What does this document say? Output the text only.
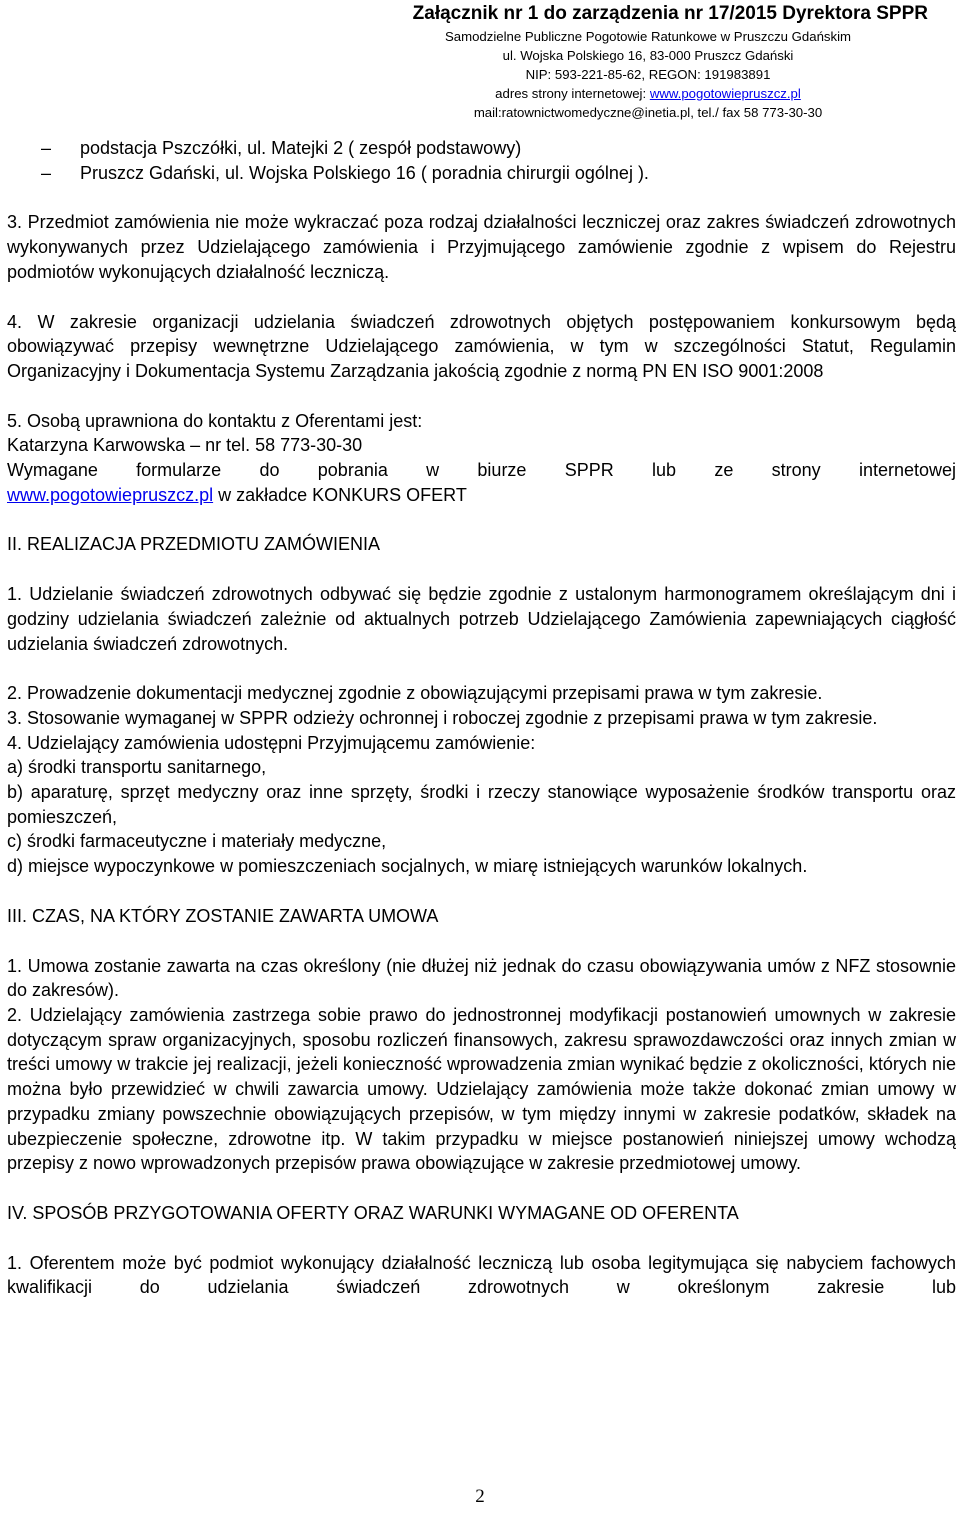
Załącznik nr 1 do zarządzenia nr 17/2015 Dyrektora SPPR
Samodzielne Publiczne Pogotowie Ratunkowe w Pruszczu Gdańskim
ul. Wojska Polskiego 16, 83-000 Pruszcz Gdański
NIP: 593-221-85-62, REGON: 191983891
adres strony internetowej: www.pogotowiepruszcz.pl
mail:ratownictwomedyczne@inetia.pl, tel./ fax 58 773-30-30
– podstacja Pszczółki, ul. Matejki 2 ( zespół podstawowy)
– Pruszcz Gdański, ul. Wojska Polskiego 16 ( poradnia chirurgii ogólnej ).
3. Przedmiot zamówienia nie może wykraczać poza rodzaj działalności leczniczej oraz zakres świadczeń zdrowotnych wykonywanych przez Udzielającego zamówienia i Przyjmującego zamówienie zgodnie z wpisem do Rejestru podmiotów wykonujących działalność leczniczą.
4. W zakresie organizacji udzielania świadczeń zdrowotnych objętych postępowaniem konkursowym będą obowiązywać przepisy wewnętrzne Udzielającego zamówienia, w tym w szczególności Statut, Regulamin Organizacyjny i Dokumentacja Systemu Zarządzania jakością zgodnie z normą PN EN ISO 9001:2008
5. Osobą uprawniona do kontaktu z Oferentami jest:
Katarzyna Karwowska – nr tel. 58 773-30-30
Wymagane formularze do pobrania w biurze SPPR lub ze strony internetowej
www.pogotowiepruszcz.pl w zakładce KONKURS OFERT
II. REALIZACJA PRZEDMIOTU ZAMÓWIENIA
1. Udzielanie świadczeń zdrowotnych odbywać się będzie zgodnie z ustalonym harmonogramem określającym dni i godziny udzielania świadczeń zależnie od aktualnych potrzeb Udzielającego Zamówienia zapewniających ciągłość udzielania świadczeń zdrowotnych.
2. Prowadzenie dokumentacji medycznej zgodnie z obowiązującymi przepisami prawa w tym zakresie.
3. Stosowanie wymaganej w SPPR odzieży ochronnej i roboczej zgodnie z przepisami prawa w tym zakresie.
4. Udzielający zamówienia udostępni Przyjmującemu zamówienie:
a) środki transportu sanitarnego,
b) aparaturę, sprzęt medyczny oraz inne sprzęty, środki i rzeczy stanowiące wyposażenie środków transportu oraz pomieszczeń,
c) środki farmaceutyczne i materiały medyczne,
d) miejsce wypoczynkowe w pomieszczeniach socjalnych, w miarę istniejących warunków lokalnych.
III. CZAS, NA KTÓRY ZOSTANIE ZAWARTA UMOWA
1. Umowa zostanie zawarta na czas określony (nie dłużej niż jednak do czasu obowiązywania umów z NFZ stosownie do zakresów).
2. Udzielający zamówienia zastrzega sobie prawo do jednostronnej modyfikacji postanowień umownych w zakresie dotyczącym spraw organizacyjnych, sposobu rozliczeń finansowych, zakresu sprawozdawczości oraz innych zmian w treści umowy w trakcie jej realizacji, jeżeli konieczność wprowadzenia zmian wynikać będzie z okoliczności, których nie można było przewidzieć w chwili zawarcia umowy. Udzielający zamówienia może także dokonać zmian umowy w przypadku zmiany powszechnie obowiązujących przepisów, w tym między innymi w zakresie podatków, składek na ubezpieczenie społeczne, zdrowotne itp. W takim przypadku w miejsce postanowień niniejszej umowy wchodzą przepisy z nowo wprowadzonych przepisów prawa obowiązujące w zakresie przedmiotowej umowy.
IV. SPOSÓB PRZYGOTOWANIA OFERTY ORAZ WARUNKI WYMAGANE OD OFERENTA
1. Oferentem może być podmiot wykonujący działalność leczniczą lub osoba legitymująca się nabyciem fachowych kwalifikacji do udzielania świadczeń zdrowotnych w określonym zakresie lub
2
